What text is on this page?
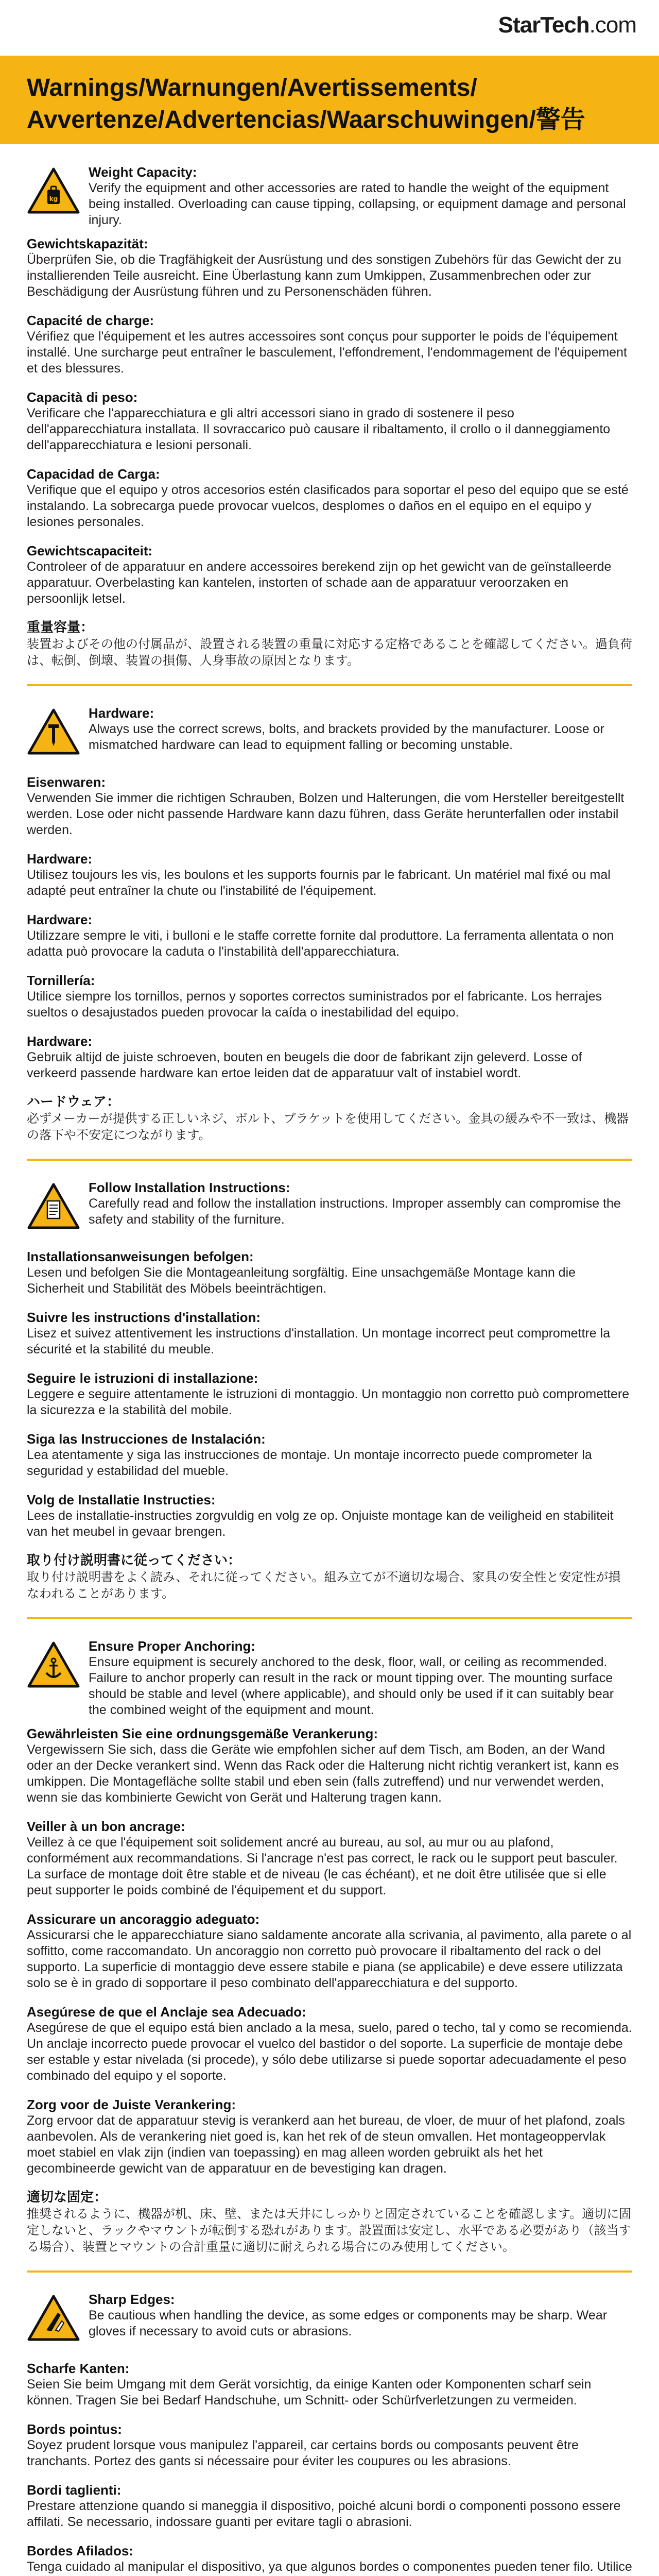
StarTech.com
Warnings/Warnungen/Avertissements/
Avvertenze/Advertencias/Waarschuwingen/警告
kg
Weight Capacity:
Verify the equipment and other accessories are rated to handle the weight of the equipment being installed. Overloading can cause tipping, collapsing, or equipment damage and personal injury.
Gewichtskapazität:
Überprüfen Sie, ob die Tragfähigkeit der Ausrüstung und des sonstigen Zubehörs für das Gewicht der zu installierenden Teile ausreicht. Eine Überlastung kann zum Umkippen, Zusammenbrechen oder zur Beschädigung der Ausrüstung führen und zu Personenschäden führen.
Capacité de charge:
Vérifiez que l'équipement et les autres accessoires sont conçus pour supporter le poids de l'équipement installé. Une surcharge peut entraîner le basculement, l'effondrement, l'endommagement de l'équipement et des blessures.
Capacità di peso:
Verificare che l'apparecchiatura e gli altri accessori siano in grado di sostenere il peso dell'apparecchiatura installata. Il sovraccarico può causare il ribaltamento, il crollo o il danneggiamento dell'apparecchiatura e lesioni personali.
Capacidad de Carga:
Verifique que el equipo y otros accesorios estén clasificados para soportar el peso del equipo que se esté instalando. La sobrecarga puede provocar vuelcos, desplomes o daños en el equipo en el equipo y lesiones personales.
Gewichtscapaciteit:
Controleer of de apparatuur en andere accessoires berekend zijn op het gewicht van de geïnstalleerde apparatuur. Overbelasting kan kantelen, instorten of schade aan de apparatuur veroorzaken en persoonlijk letsel.
重量容量：
装置およびその他の付属品が、設置される装置の重量に対応する定格であることを確認してください。過負荷は、転倒、倒壊、装置の損傷、人身事故の原因となります。
Hardware:
Always use the correct screws, bolts, and brackets provided by the manufacturer. Loose or mismatched hardware can lead to equipment falling or becoming unstable.
Eisenwaren:
Verwenden Sie immer die richtigen Schrauben, Bolzen und Halterungen, die vom Hersteller bereitgestellt werden. Lose oder nicht passende Hardware kann dazu führen, dass Geräte herunterfallen oder instabil werden.
Hardware:
Utilisez toujours les vis, les boulons et les supports fournis par le fabricant. Un matériel mal fixé ou mal adapté peut entraîner la chute ou l'instabilité de l'équipement.
Hardware:
Utilizzare sempre le viti, i bulloni e le staffe corrette fornite dal produttore. La ferramenta allentata o non adatta può provocare la caduta o l'instabilità dell'apparecchiatura.
Tornillería:
Utilice siempre los tornillos, pernos y soportes correctos suministrados por el fabricante. Los herrajes sueltos o desajustados pueden provocar la caída o inestabilidad del equipo.
Hardware:
Gebruik altijd de juiste schroeven, bouten en beugels die door de fabrikant zijn geleverd. Losse of verkeerd passende hardware kan ertoe leiden dat de apparatuur valt of instabiel wordt.
ハードウェア：
必ずメーカーが提供する正しいネジ、ボルト、ブラケットを使用してください。金具の緩みや不一致は、機器の落下や不安定につながります。
Follow Installation Instructions:
Carefully read and follow the installation instructions. Improper assembly can compromise the safety and stability of the furniture.
Installationsanweisungen befolgen:
Lesen und befolgen Sie die Montageanleitung sorgfältig. Eine unsachgemäße Montage kann die Sicherheit und Stabilität des Möbels beeinträchtigen.
Suivre les instructions d'installation:
Lisez et suivez attentivement les instructions d'installation. Un montage incorrect peut compromettre la sécurité et la stabilité du meuble.
Seguire le istruzioni di installazione:
Leggere e seguire attentamente le istruzioni di montaggio. Un montaggio non corretto può compromettere la sicurezza e la stabilità del mobile.
Siga las Instrucciones de Instalación:
Lea atentamente y siga las instrucciones de montaje. Un montaje incorrecto puede comprometer la seguridad y estabilidad del mueble.
Volg de Installatie Instructies:
Lees de installatie-instructies zorgvuldig en volg ze op. Onjuiste montage kan de veiligheid en stabiliteit van het meubel in gevaar brengen.
取り付け説明書に従ってください：
取り付け説明書をよく読み、それに従ってください。組み立てが不適切な場合、家具の安全性と安定性が損なわれることがあります。
Ensure Proper Anchoring:
Ensure equipment is securely anchored to the desk, floor, wall, or ceiling as recommended. Failure to anchor properly can result in the rack or mount tipping over. The mounting surface should be stable and level (where applicable), and should only be used if it can suitably bear the combined weight of the equipment and mount.
Gewährleisten Sie eine ordnungsgemäße Verankerung:
Vergewissern Sie sich, dass die Geräte wie empfohlen sicher auf dem Tisch, am Boden, an der Wand oder an der Decke verankert sind. Wenn das Rack oder die Halterung nicht richtig verankert ist, kann es umkippen. Die Montagefläche sollte stabil und eben sein (falls zutreffend) und nur verwendet werden, wenn sie das kombinierte Gewicht von Gerät und Halterung tragen kann.
Veiller à un bon ancrage:
Veillez à ce que l'équipement soit solidement ancré au bureau, au sol, au mur ou au plafond, conformément aux recommandations. Si l'ancrage n'est pas correct, le rack ou le support peut basculer. La surface de montage doit être stable et de niveau (le cas échéant), et ne doit être utilisée que si elle peut supporter le poids combiné de l'équipement et du support.
Assicurare un ancoraggio adeguato:
Assicurarsi che le apparecchiature siano saldamente ancorate alla scrivania, al pavimento, alla parete o al soffitto, come raccomandato. Un ancoraggio non corretto può provocare il ribaltamento del rack o del supporto. La superficie di montaggio deve essere stabile e piana (se applicabile) e deve essere utilizzata solo se è in grado di sopportare il peso combinato dell'apparecchiatura e del supporto.
Asegúrese de que el Anclaje sea Adecuado:
Asegúrese de que el equipo está bien anclado a la mesa, suelo, pared o techo, tal y como se recomienda. Un anclaje incorrecto puede provocar el vuelco del bastidor o del soporte. La superficie de montaje debe ser estable y estar nivelada (si procede), y sólo debe utilizarse si puede soportar adecuadamente el peso combinado del equipo y el soporte.
Zorg voor de Juiste Verankering:
Zorg ervoor dat de apparatuur stevig is verankerd aan het bureau, de vloer, de muur of het plafond, zoals aanbevolen. Als de verankering niet goed is, kan het rek of de steun omvallen. Het montageoppervlak moet stabiel en vlak zijn (indien van toepassing) en mag alleen worden gebruikt als het het gecombineerde gewicht van de apparatuur en de bevestiging kan dragen.
適切な固定：
推奨されるように、機器が机、床、壁、または天井にしっかりと固定されていることを確認します。適切に固定しないと、ラックやマウントが転倒する恐れがあります。設置面は安定し、水平である必要があり（該当する場合）、装置とマウントの合計重量に適切に耐えられる場合にのみ使用してください。
Sharp Edges:
Be cautious when handling the device, as some edges or components may be sharp. Wear gloves if necessary to avoid cuts or abrasions.
Scharfe Kanten:
Seien Sie beim Umgang mit dem Gerät vorsichtig, da einige Kanten oder Komponenten scharf sein können. Tragen Sie bei Bedarf Handschuhe, um Schnitt- oder Schürfverletzungen zu vermeiden.
Bords pointus:
Soyez prudent lorsque vous manipulez l'appareil, car certains bords ou composants peuvent être tranchants. Portez des gants si nécessaire pour éviter les coupures ou les abrasions.
Bordi taglienti:
Prestare attenzione quando si maneggia il dispositivo, poiché alcuni bordi o componenti possono essere affilati. Se necessario, indossare guanti per evitare tagli o abrasioni.
Bordes Afilados:
Tenga cuidado al manipular el dispositivo, ya que algunos bordes o componentes pueden tener filo. Utilice
